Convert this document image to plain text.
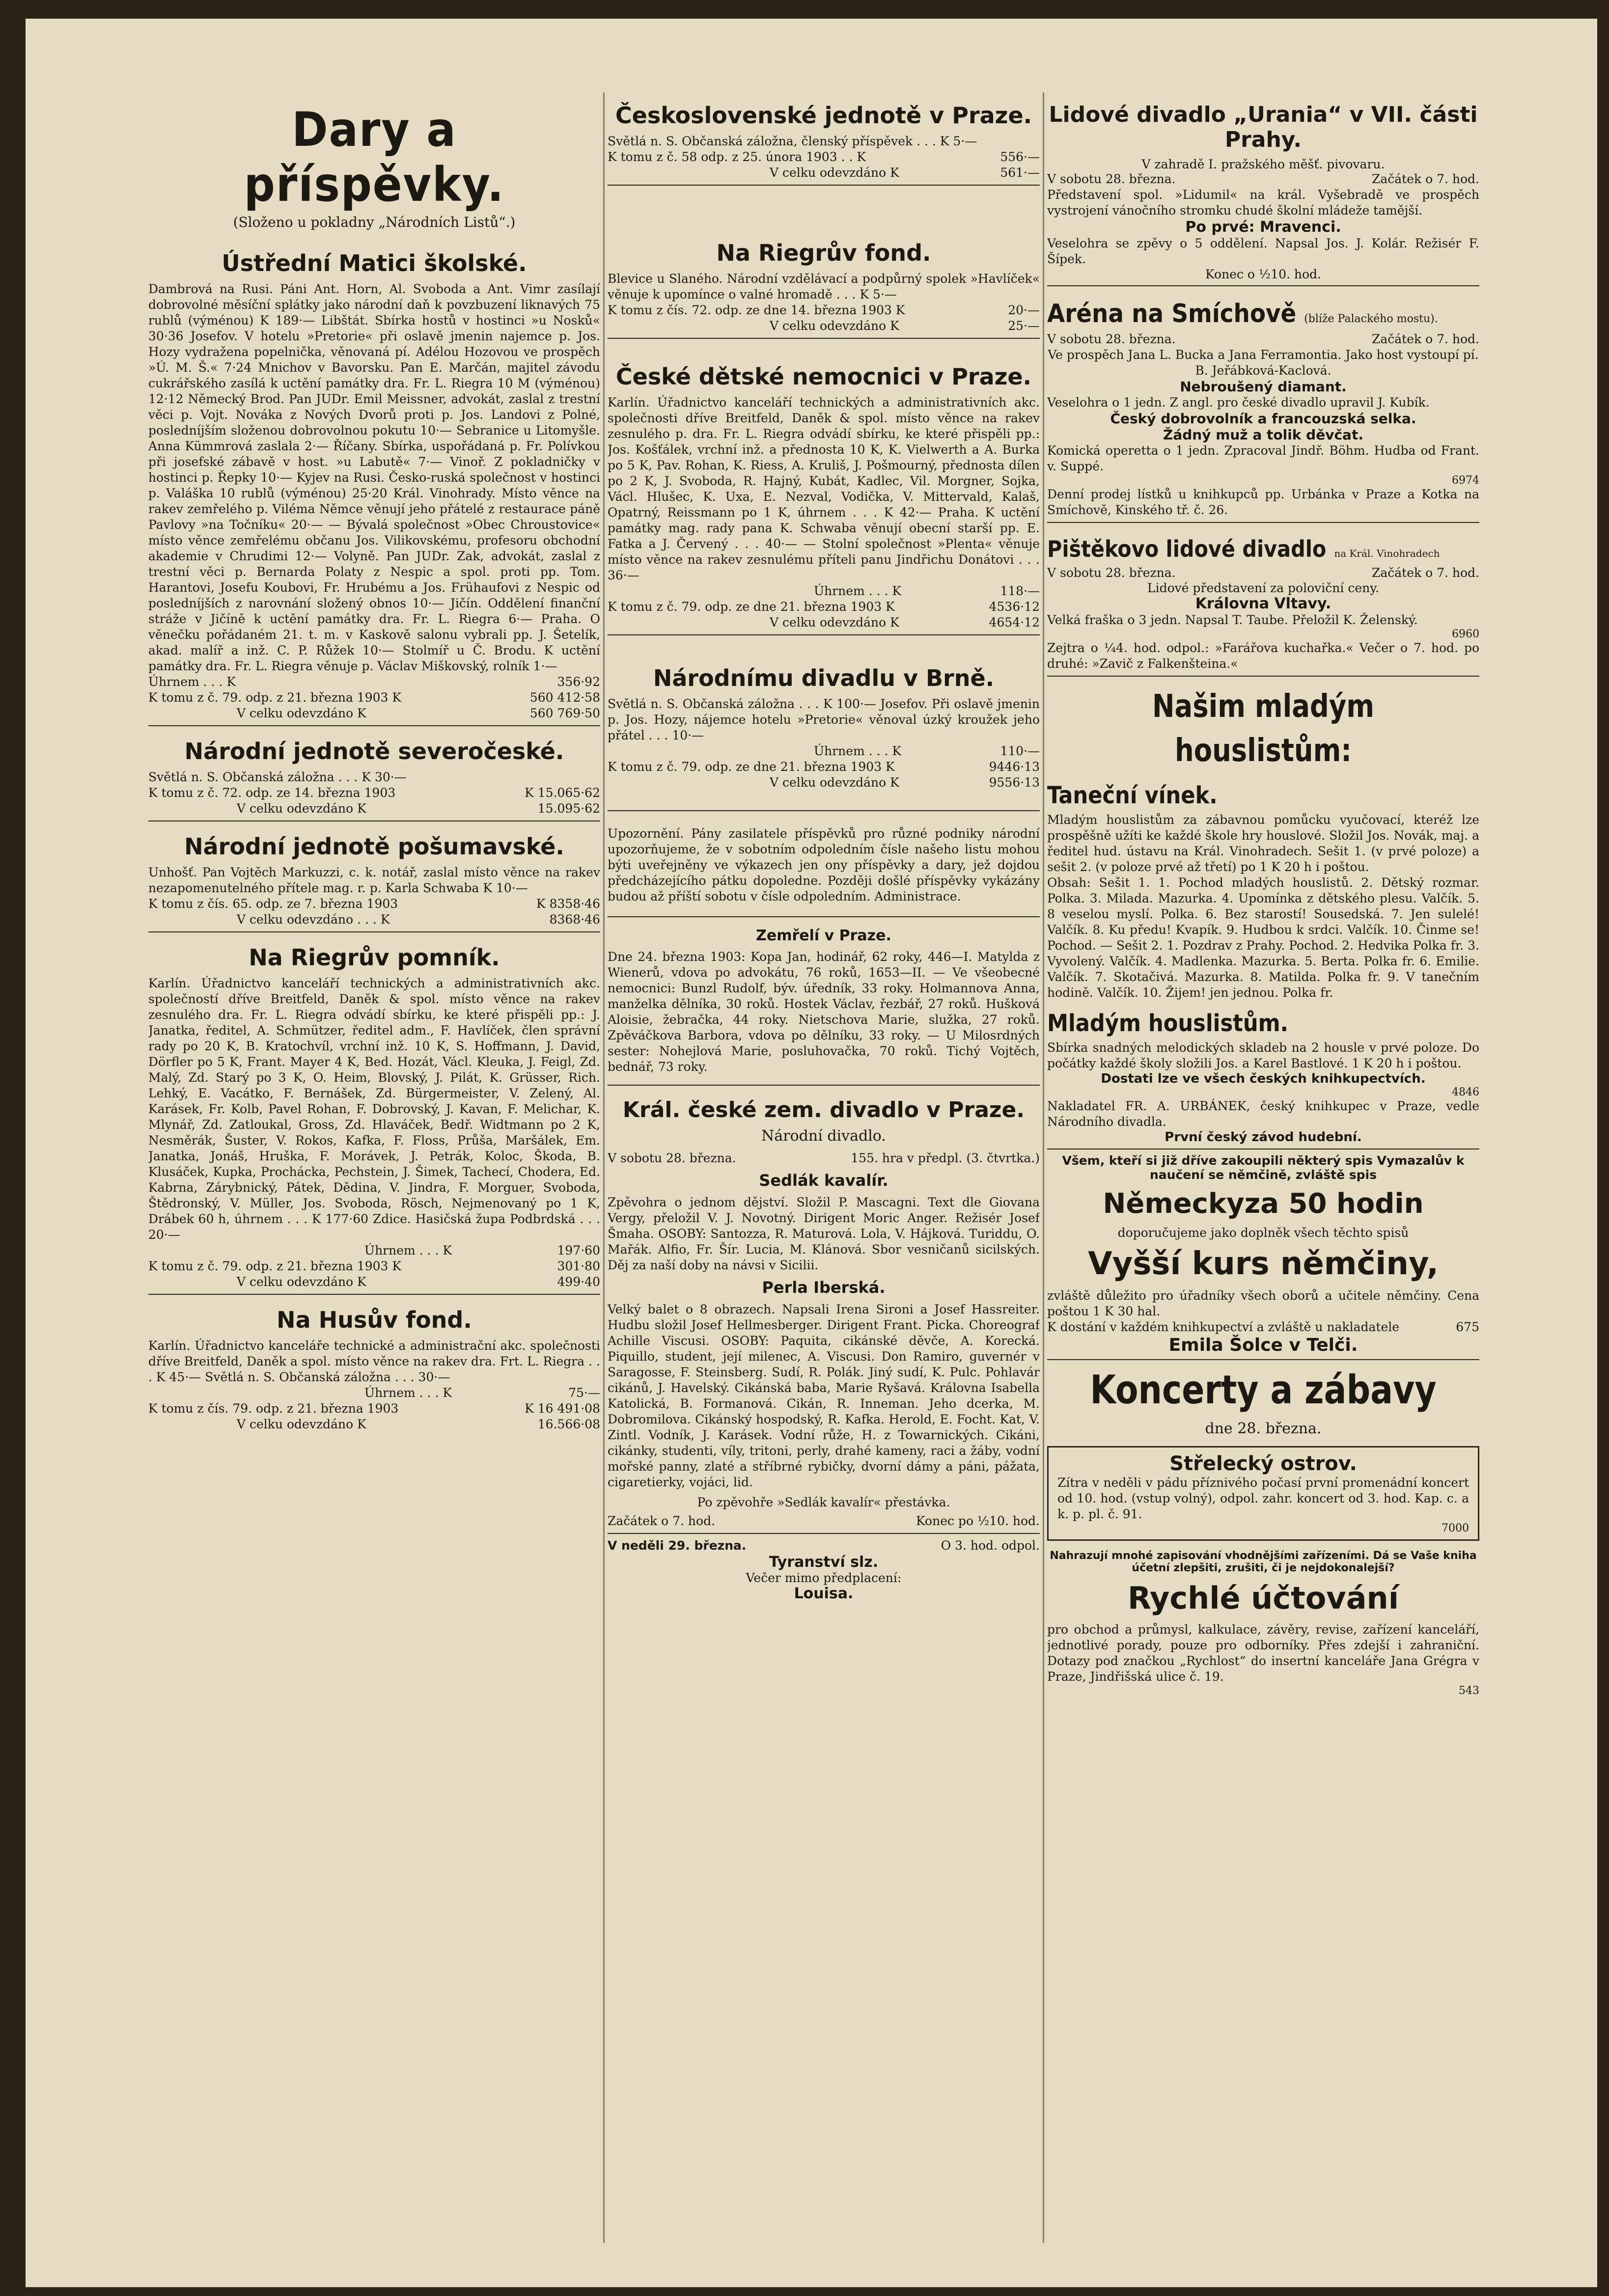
Dary a příspěvky.
(Složeno u pokladny „Národních Listů“.)
Ústřední Matici školské.

Dambrová na Rusi. Páni Ant. Horn, Al. Svoboda a Ant. Vimr zasílají dobrovolné měsíční splátky jako národní daň k povzbuzení liknavých 75 rublů (výménou) K 189·— Libštát. Sbírka hostů v hostinci »u Nosků« 30·36 Josefov. V hotelu »Pretorie« při oslavě jmenin najemce p. Jos. Hozy vydražena popelnička, věnovaná pí. Adélou Hozovou ve prospěch »Ú. M. Š.« 7·24 Mnichov v Bavorsku. Pan E. Marčán, majitel závodu cukrářského zasílá k uctění památky dra. Fr. L. Riegra 10 M (výménou) 12·12 Německý Brod. Pan JUDr. Emil Meissner, advokát, zaslal z trestní věci p. Vojt. Nováka z Nových Dvorů proti p. Jos. Landovi z Polné, posledníjším složenou dobrovolnou pokutu 10·— Sebranice u Litomyšle. Anna Kümmrová zaslala 2·— Říčany. Sbírka, uspořádaná p. Fr. Polívkou při josefské zábavě v host. »u Labutě« 7·— Vinoř. Z pokladničky v hostinci p. Řepky 10·— Kyjev na Rusi. Česko-ruská společnost v hostinci p. Valáška 10 rublů (výménou) 25·20 Král. Vinohrady. Místo věnce na rakev zemřelého p. Viléma Němce věnují jeho přátelé z restaurace páně Pavlovy »na Točníku« 20·— — Bývalá společnost »Obec Chroustovice« místo věnce zemřelému občanu Jos. Vilikovskému, profesoru obchodní akademie v Chrudimi 12·— Volyně. Pan JUDr. Zak, advokát, zaslal z trestní věci p. Bernarda Polaty z Nespic a spol. proti pp. Tom. Harantovi, Josefu Koubovi, Fr. Hrubému a Jos. Frühaufovi z Nespic od posledníjších z narovnání složený obnos 10·— Jičín. Oddělení finanční stráže v Jičíně k uctění památky dra. Fr. L. Riegra 6·— Praha. O věnečku pořádaném 21. t. m. v Kaskově salonu vybrali pp. J. Šetelík, akad. malíř a inž. C. P. Růžek 10·— Stolmíř u Č. Brodu. K uctění památky dra. Fr. L. Riegra věnuje p. Václav Miškovský, rolník 1·—

Úhrnem . . . K	356·92
K tomu z č. 79. odp. z 21. března 1903 K	560 412·58
V celku odevzdáno K	560 769·50
Národní jednotě severočeské.

Světlá n. S. Občanská záložna . . . K 30·—

K tomu z č. 72. odp. ze 14. března 1903	K 15.065·62
V celku odevzdáno K	15.095·62
Národní jednotě pošumavské.

Unhošť. Pan Vojtěch Markuzzi, c. k. notář, zaslal místo věnce na rakev nezapomenutelného přítele mag. r. p. Karla Schwaba K 10·—

K tomu z čís. 65. odp. ze 7. března 1903	K 8358·46
V celku odevzdáno . . . K	8368·46
Na Riegrův pomník.

Karlín. Úřadnictvo kanceláří technických a administrativních akc. společností dříve Breitfeld, Daněk & spol. místo věnce na rakev zesnulého dra. Fr. L. Riegra odvádí sbírku, ke které přispěli pp.: J. Janatka, ředitel, A. Schmützer, ředitel adm., F. Havlíček, člen správní rady po 20 K, B. Kratochvíl, vrchní inž. 10 K, S. Hoffmann, J. David, Dörfler po 5 K, Frant. Mayer 4 K, Bed. Hozát, Václ. Kleuka, J. Feigl, Zd. Malý, Zd. Starý po 3 K, O. Heim, Blovský, J. Pilát, K. Grüsser, Rich. Lehký, E. Vacátko, F. Bernášek, Zd. Bürgermeister, V. Zelený, Al. Karásek, Fr. Kolb, Pavel Rohan, F. Dobrovský, J. Kavan, F. Melichar, K. Mlynář, Zd. Zatloukal, Gross, Zd. Hlaváček, Bedř. Widtmann po 2 K, Nesměrák, Šuster, V. Rokos, Kafka, F. Floss, Průša, Maršálek, Em. Janatka, Jonáš, Hruška, F. Morávek, J. Petrák, Koloc, Škoda, B. Klusáček, Kupka, Prochácka, Pechstein, J. Šimek, Tachecí, Chodera, Ed. Kabrna, Zárybnický, Pátek, Dědina, V. Jindra, F. Morguer, Svoboda, Štědronský, V. Müller, Jos. Svoboda, Rösch, Nejmenovaný po 1 K, Drábek 60 h, úhrnem . . . K 177·60 Zdice. Hasičská župa Podbrdská . . . 20·—

Úhrnem . . . K	197·60
K tomu z č. 79. odp. z 21. března 1903 K	301·80
V celku odevzdáno K	499·40
Na Husův fond.

Karlín. Úřadnictvo kanceláře technické a administrační akc. společnosti dříve Breitfeld, Daněk a spol. místo věnce na rakev dra. Frt. L. Riegra . . . K 45·— Světlá n. S. Občanská záložna . . . 30·—

Úhrnem . . . K	75·—
K tomu z čís. 79. odp. z 21. března 1903	K 16 491·08
V celku odevzdáno K	16.566·08
Československé jednotě v Praze.

Světlá n. S. Občanská záložna, členský příspěvek . . . K 5·—

K tomu z č. 58 odp. z 25. února 1903 . . K	556·—
V celku odevzdáno K	561·—
Na Riegrův fond.

Blevice u Slaného. Národní vzdělávací a podpůrný spolek »Havlíček« věnuje k upomínce o valné hromadě . . . K 5·—

K tomu z čís. 72. odp. ze dne 14. března 1903 K	20·—
V celku odevzdáno K	25·—
České dětské nemocnici v Praze.

Karlín. Úřadnictvo kanceláří technických a administrativních akc. společnosti dříve Breitfeld, Daněk & spol. místo věnce na rakev zesnulého p. dra. Fr. L. Riegra odvádí sbírku, ke které přispěli pp.: Jos. Košťálek, vrchní inž. a přednosta 10 K, K. Vielwerth a A. Burka po 5 K, Pav. Rohan, K. Riess, A. Kruliš, J. Pošmourný, přednosta dílen po 2 K, J. Svoboda, R. Hajný, Kubát, Kadlec, Vil. Morgner, Sojka, Václ. Hlušec, K. Uxa, E. Nezval, Vodička, V. Mittervald, Kalaš, Opatrný, Reissmann po 1 K, úhrnem . . . K 42·— Praha. K uctění památky mag. rady pana K. Schwaba věnují obecní starší pp. E. Fatka a J. Červený . . . 40·— — Stolní společnost »Plenta« věnuje místo věnce na rakev zesnulému příteli panu Jindřichu Donátovi . . . 36·—

Úhrnem . . . K	118·—
K tomu z č. 79. odp. ze dne 21. března 1903 K	4536·12
V celku odevzdáno K	4654·12
Národnímu divadlu v Brně.

Světlá n. S. Občanská záložna . . . K 100·— Josefov. Při oslavě jmenin p. Jos. Hozy, nájemce hotelu »Pretorie« věnoval úzký kroužek jeho přátel . . . 10·—

Úhrnem . . . K	110·—
K tomu z č. 79. odp. ze dne 21. března 1903 K	9446·13
V celku odevzdáno K	9556·13

Upozornění. Pány zasilatele příspěvků pro různé podniky národní upozorňujeme, že v sobotním odpoledním čísle našeho listu mohou býti uveřejněny ve výkazech jen ony příspěvky a dary, jež dojdou předcházejícího pátku dopoledne. Později došlé příspěvky vykázány budou až příští sobotu v čísle odpoledním. Administrace.

Zemřelí v Praze.

Dne 24. března 1903: Kopa Jan, hodinář, 62 roky, 446—I. Matylda z Wienerů, vdova po advokátu, 76 roků, 1653—II. — Ve všeobecné nemocnici: Bunzl Rudolf, býv. úředník, 33 roky. Holmannova Anna, manželka dělníka, 30 roků. Hostek Václav, řezbář, 27 roků. Hušková Aloisie, žebračka, 44 roky. Nietschova Marie, služka, 27 roků. Zpěváčkova Barbora, vdova po dělníku, 33 roky. — U Milosrdných sester: Nohejlová Marie, posluhovačka, 70 roků. Tichý Vojtěch, bednář, 73 roky.

Král. české zem. divadlo v Praze.
Národní divadlo.
V sobotu 28. března.	155. hra v předpl. (3. čtvrtka.)
Sedlák kavalír.

Zpěvohra o jednom dějství. Složil P. Mascagni. Text dle Giovana Vergy, přeložil V. J. Novotný. Dirigent Moric Anger. Režisér Josef Šmaha. OSOBY: Santozza, R. Maturová. Lola, V. Hájková. Turiddu, O. Mařák. Alfio, Fr. Šír. Lucia, M. Klánová. Sbor vesničanů sicilských. Děj za naší doby na návsi v Sicilii.

Perla Iberská.

Velký balet o 8 obrazech. Napsali Irena Sironi a Josef Hassreiter. Hudbu složil Josef Hellmesberger. Dirigent Frant. Picka. Choreograf Achille Viscusi. OSOBY: Paquita, cikánské děvče, A. Korecká. Piquillo, student, její milenec, A. Viscusi. Don Ramiro, guvernér v Saragosse, F. Steinsberg. Sudí, R. Polák. Jiný sudí, K. Pulc. Pohlavár cikánů, J. Havelský. Cikánská baba, Marie Ryšavá. Královna Isabella Katolická, B. Formanová. Cikán, R. Inneman. Jeho dcerka, M. Dobromilova. Cikánský hospodský, R. Kafka. Herold, E. Focht. Kat, V. Zintl. Vodník, J. Karásek. Vodní růže, H. z Towarnických. Cikáni, cikánky, studenti, víly, tritoni, perly, drahé kameny, raci a žáby, vodní mořské panny, zlaté a stříbrné rybičky, dvorní dámy a páni, pážata, cigaretierky, vojáci, lid.

Po zpěvohře »Sedlák kavalír« přestávka.
Začátek o 7. hod.	Konec po ½10. hod.
V neděli 29. března.	O 3. hod. odpol.
Tyranství slz.
Večer mimo předplacení:
Louisa.
Lidové divadlo „Urania“ v VII. části Prahy.
V zahradě I. pražského měšť. pivovaru.
V sobotu 28. března.	Začátek o 7. hod.

Představení spol. »Lidumil« na král. Vyšebradě ve prospěch vystrojení vánočního stromku chudé školní mládeže tamější.

Po prvé: Mravenci.

Veselohra se zpěvy o 5 oddělení. Napsal Jos. J. Kolár. Režisér F. Šípek.

Konec o ½10. hod.
Aréna na Smíchově (blíže Palackého mostu).
V sobotu 28. března.	Začátek o 7. hod.

Ve prospěch Jana L. Bucka a Jana Ferramontia. Jako host vystoupí pí. B. Jeřábková-Kaclová.

Nebroušený diamant.

Veselohra o 1 jedn. Z angl. pro české divadlo upravil J. Kubík.

Český dobrovolník a francouzská selka.
Žádný muž a tolik děvčat.

Komická operetta o 1 jedn. Zpracoval Jindř. Böhm. Hudba od Frant. v. Suppé.

6974

Denní prodej lístků u knihkupců pp. Urbánka v Praze a Kotka na Smíchově, Kinského tř. č. 26.

Pištěkovo lidové divadlo na Král. Vinohradech
V sobotu 28. března.	Začátek o 7. hod.
Lidové představení za poloviční ceny.
Královna Vltavy.

Velká fraška o 3 jedn. Napsal T. Taube. Přeložil K. Želenský.

6960

Zejtra o ¼4. hod. odpol.: »Farářova kuchařka.« Večer o 7. hod. po druhé: »Zavič z Falkenšteina.«

Našim mladým houslistům:
Taneční vínek.

Mladým houslistům za zábavnou pomůcku vyučovací, kteréž lze prospěšně užíti ke každé škole hry houslové. Složil Jos. Novák, maj. a ředitel hud. ústavu na Král. Vinohradech. Sešit 1. (v prvé poloze) a sešit 2. (v poloze prvé až třetí) po 1 K 20 h i poštou.

Obsah: Sešit 1. 1. Pochod mladých houslistů. 2. Dětský rozmar. Polka. 3. Milada. Mazurka. 4. Upomínka z dětského plesu. Valčík. 5. 8 veselou myslí. Polka. 6. Bez starostí! Sousedská. 7. Jen sulelé! Valčík. 8. Ku předu! Kvapík. 9. Hudbou k srdci. Valčík. 10. Činme se! Pochod. — Sešit 2. 1. Pozdrav z Prahy. Pochod. 2. Hedvika Polka fr. 3. Vyvolený. Valčík. 4. Madlenka. Mazurka. 5. Berta. Polka fr. 6. Emilie. Valčík. 7. Skotačivá. Mazurka. 8. Matilda. Polka fr. 9. V tanečním hodině. Valčík. 10. Žijem! jen jednou. Polka fr.

Mladým houslistům.

Sbírka snadných melodických skladeb na 2 housle v prvé poloze. Do počátky každé školy složili Jos. a Karel Bastlové. 1 K 20 h i poštou.

Dostati lze ve všech českých knihkupectvích.
4846

Nakladatel FR. A. URBÁNEK, český knihkupec v Praze, vedle Národního divadla.

První český závod hudební.
Všem, kteří si již dříve zakoupili některý spis Vymazalův k naučení se němčině, zvláště spis
Německyza 50 hodin
doporučujeme jako doplněk všech těchto spisů
Vyšší kurs němčiny,

zvláště důležito pro úřadníky všech oborů a učitele němčiny. Cena poštou 1 K 30 hal.

K dostání v každém knihkupectví a zvláště u nakladatele	675
Emila Šolce v Telči.
Koncerty a zábavy
dne 28. března.
Střelecký ostrov.

Zítra v neděli v pádu příznivého počasí první promenádní koncert od 10. hod. (vstup volný), odpol. zahr. koncert od 3. hod. Kap. c. a k. p. pl. č. 91.

7000
Nahrazují mnohé zapisování vhodnějšími zařízeními. Dá se Vaše kniha účetní zlepšiti, zrušiti, či je nejdokonalejší?
Rychlé účtování

pro obchod a průmysl, kalkulace, závěry, revise, zařízení kanceláří, jednotlivé porady, pouze pro odborníky. Přes zdejší i zahraniční. Dotazy pod značkou „Rychlost“ do insertní kanceláře Jana Grégra v Praze, Jindřišská ulice č. 19.

543
